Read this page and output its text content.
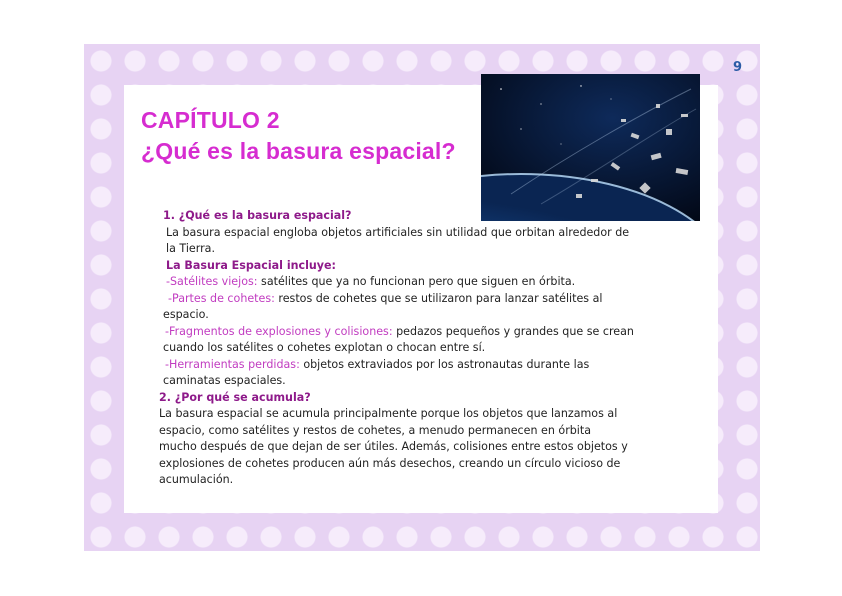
9
CAPÍTULO 2
¿Qué es la basura espacial?
1. ¿Qué es la basura espacial?
La basura espacial engloba objetos artificiales sin utilidad que orbitan alrededor de
la Tierra.
La Basura Espacial incluye:
-Satélites viejos: satélites que ya no funcionan pero que siguen en órbita.
-Partes de cohetes: restos de cohetes que se utilizaron para lanzar satélites al
espacio.
-Fragmentos de explosiones y colisiones: pedazos pequeños y grandes que se crean
cuando los satélites o cohetes explotan o chocan entre sí.
-Herramientas perdidas: objetos extraviados por los astronautas durante las
caminatas espaciales.
2. ¿Por qué se acumula?
La basura espacial se acumula principalmente porque los objetos que lanzamos al
espacio, como satélites y restos de cohetes, a menudo permanecen en órbita
mucho después de que dejan de ser útiles. Además, colisiones entre estos objetos y
explosiones de cohetes producen aún más desechos, creando un círculo vicioso de
acumulación.
